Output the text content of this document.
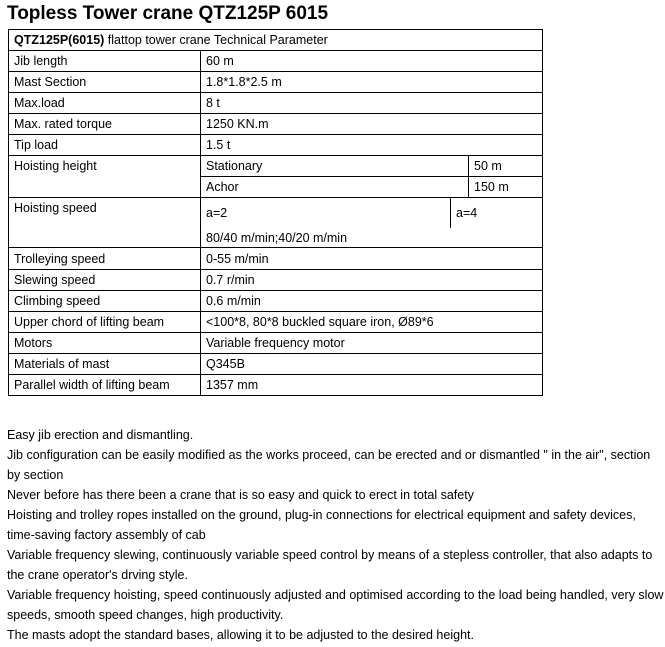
Topless Tower crane QTZ125P 6015
QTZ125P(6015) flattop tower crane Technical Parameter			
Jib length	60 m		
Mast Section	1.8*1.8*2.5 m		
Max.load	8 t		
Max. rated torque	1250 KN.m		
Tip load	1.5 t		
Hoisting height	Stationary		50 m
	Achor		150 m
Hoisting speed	a=2	a=4	
	80/40 m/min;40/20 m/min		
Trolleying speed	0-55 m/min		
Slewing speed	0.7 r/min		
Climbing speed	0.6 m/min		
Upper chord of lifting beam	<100*8, 80*8 buckled square iron, Ø89*6		
Motors	Variable frequency motor		
Materials of mast	Q345B		
Parallel width of lifting beam	1357 mm		

Easy jib erection and dismantling.

Jib configuration can be easily modified as the works proceed, can be erected and or dismantled " in the air", section by section

Never before has there been a crane that is so easy and quick to erect in total safety

Hoisting and trolley ropes installed on the ground, plug-in connections for electrical equipment and safety devices, time-saving factory assembly of cab

Variable frequency slewing, continuously variable speed control by means of a stepless controller, that also adapts to the crane operator's drving style.

Variable frequency hoisting, speed continuously adjusted and optimised according to the load being handled, very slow speeds, smooth speed changes, high productivity.

The masts adopt the standard bases, allowing it to be adjusted to the desired height.
